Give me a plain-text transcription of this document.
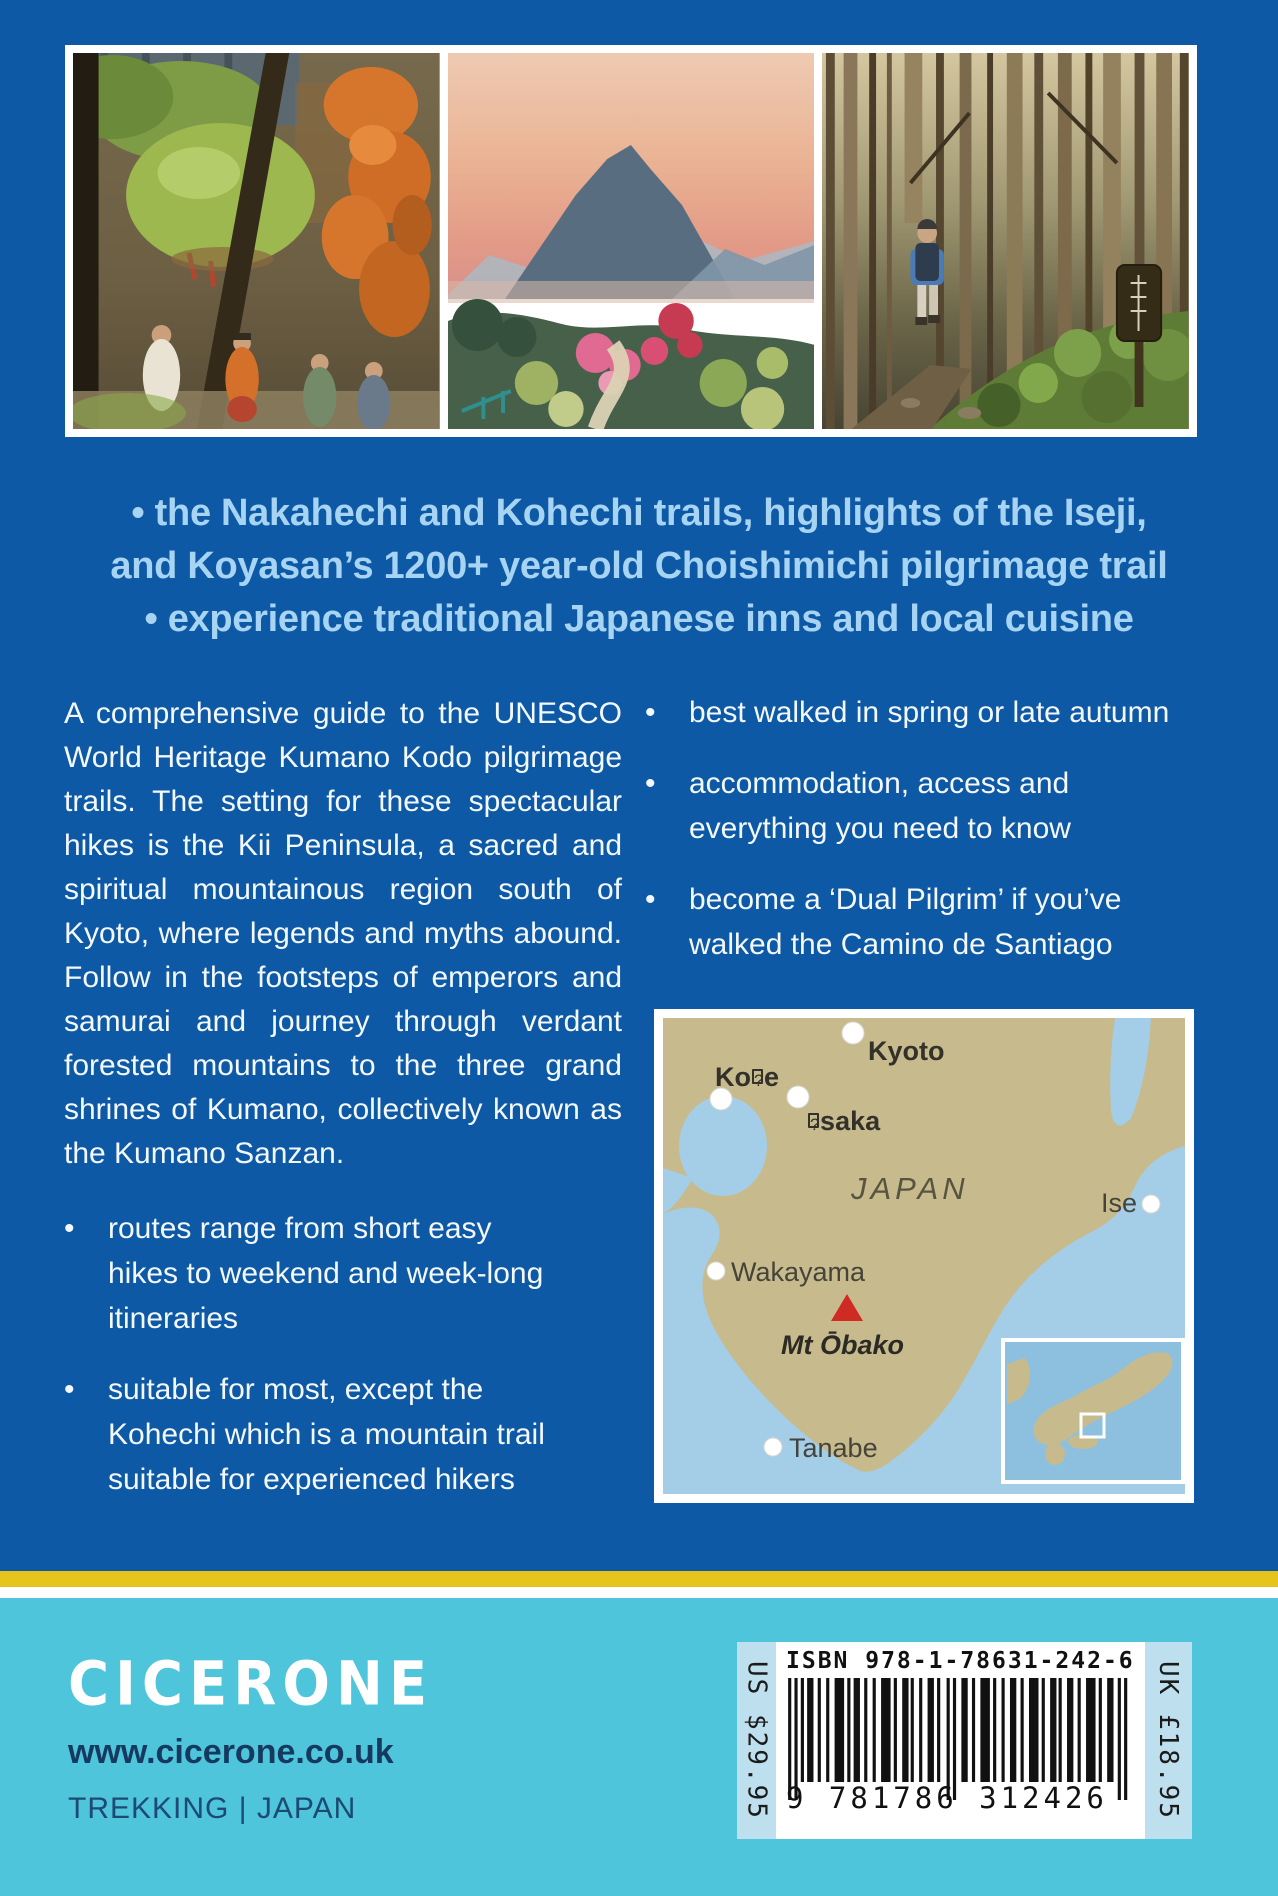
• the Nakahechi and Kohechi trails, highlights of the Iseji,
and Koyasan’s 1200+ year-old Choishimichi pilgrimage trail
• experience traditional Japanese inns and local cuisine
A comprehensive guide to the UNESCO World Heritage Kumano Kodo pilgrimage trails. The setting for these spectacular hikes is the Kii Peninsula, a sacred and spiritual mountainous region south of Kyoto, where legends and myths abound. Follow in the footsteps of emperors and samurai and journey through verdant forested mountains to the three grand shrines of Kumano, collectively known as the Kumano Sanzan.
•	routes range from short easy
hikes to weekend and week-long
itineraries
•	suitable for most, except the
Kohechi which is a mountain trail
suitable for experienced hikers
•	best walked in spring or late autumn
•	accommodation, access and
everything you need to know
•	become a ‘Dual Pilgrim’ if you’ve
walked the Camino de Santiago
Kyoto
Ko ?e
?saka
JAPAN	Ise
Wakayama
Mt Ōbako
Tanabe
CICERONE
www.cicerone.co.uk
TREKKING | JAPAN	US $29.95
ISBN 978-1-78631-242-6
9 781786 312426	UK £18.95
